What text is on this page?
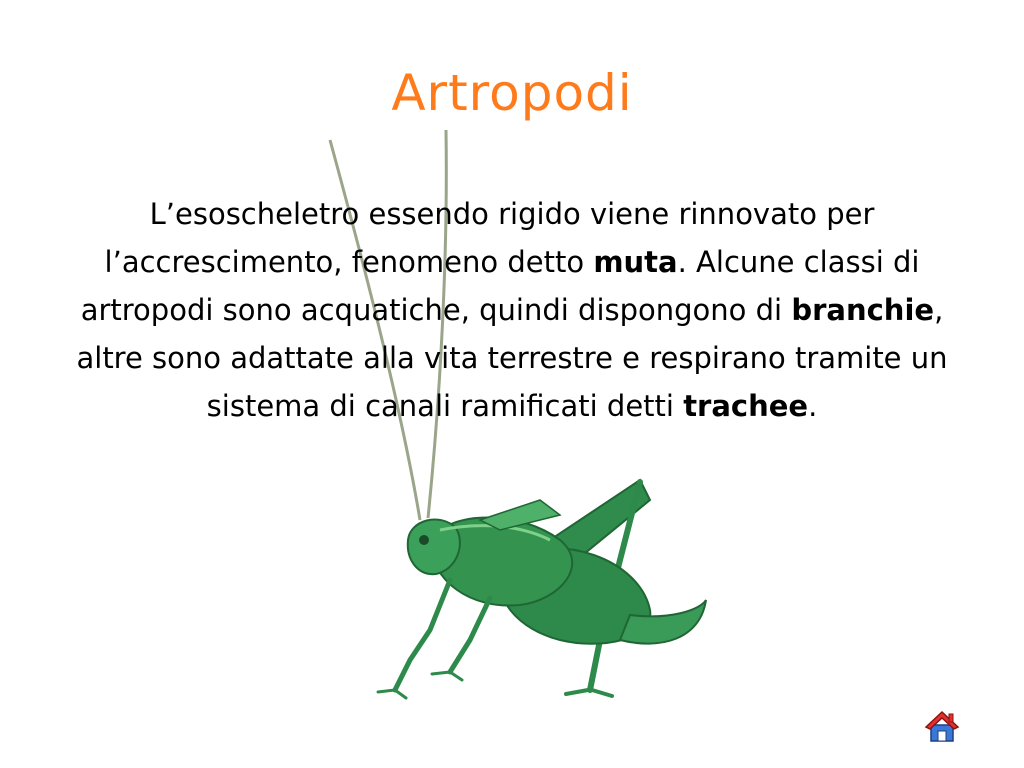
Artropodi

L’esoscheletro essendo rigido viene rinnovato per l’accrescimento, fenomeno detto muta. Alcune classi di artropodi sono acquatiche, quindi dispongono di branchie, altre sono adattate alla vita terrestre e respirano tramite un sistema di canali ramificati detti trachee.
